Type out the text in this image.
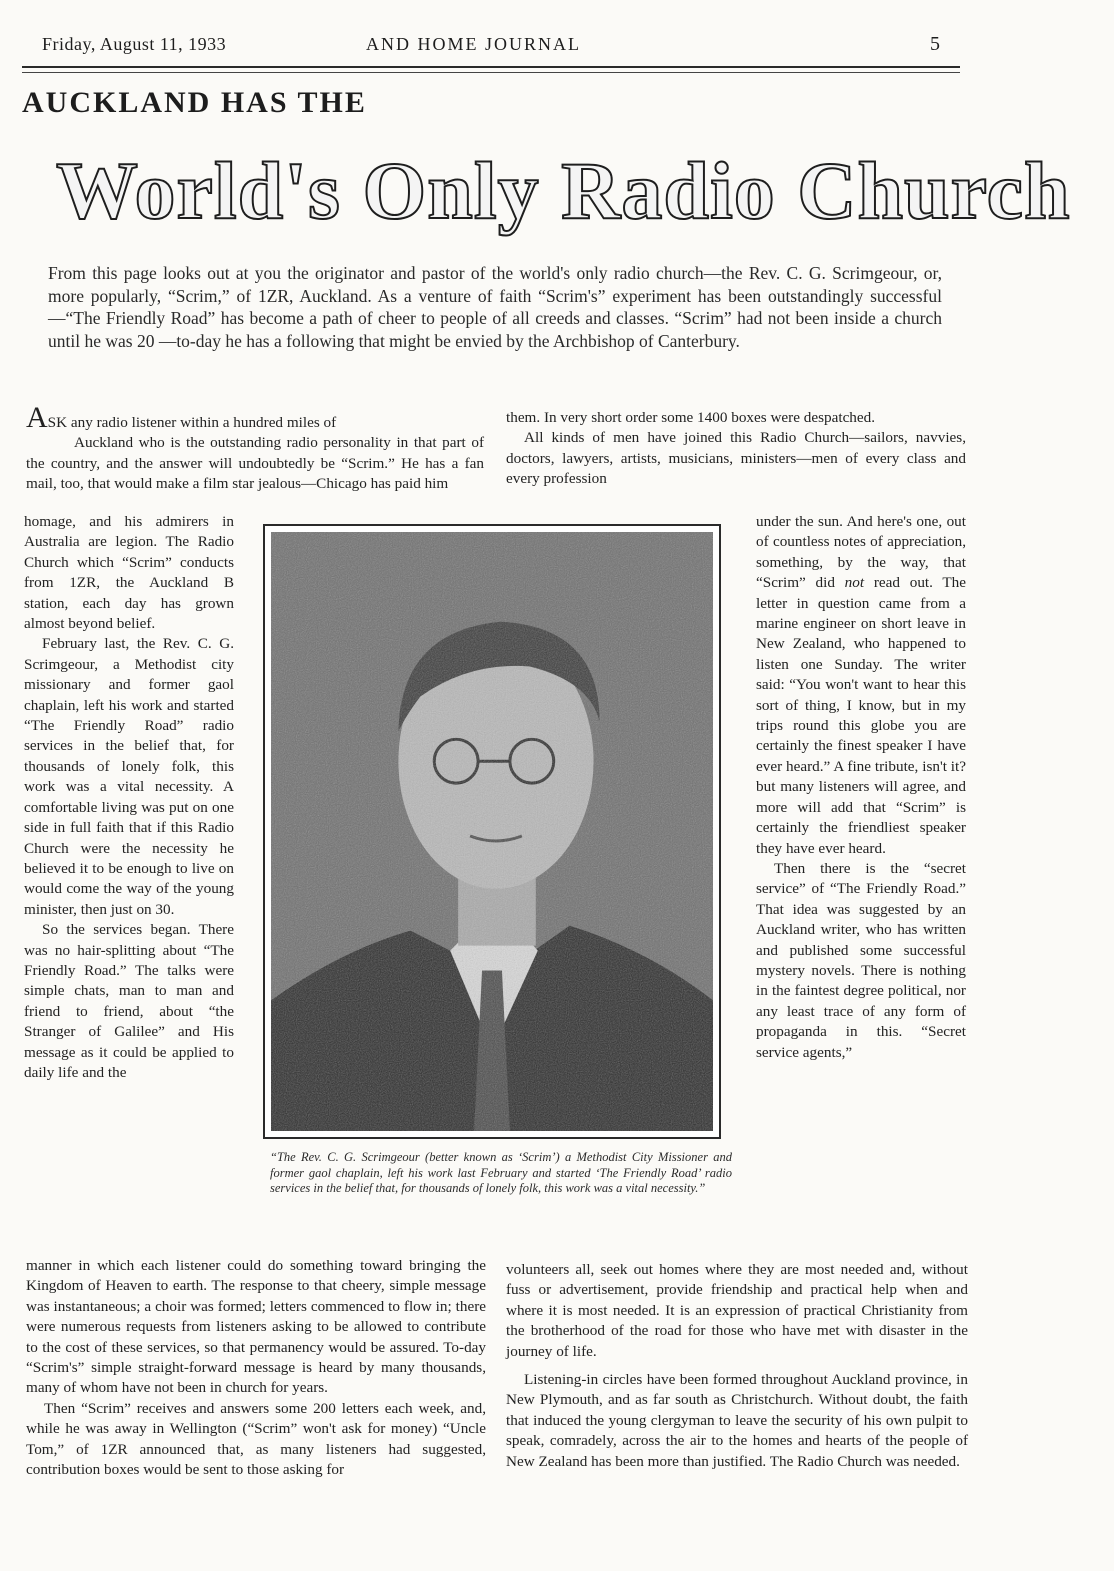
Friday, August 11, 1933	AND HOME JOURNAL	5
AUCKLAND HAS THE
World's Only Radio Church
From this page looks out at you the originator and pastor of the world's only radio church—the Rev. C. G. Scrimgeour, or, more popularly, “Scrim,” of 1ZR, Auckland. As a venture of faith “Scrim's” experiment has been outstandingly successful—“The Friendly Road” has become a path of cheer to people of all creeds and classes. “Scrim” had not been inside a church until he was 20 —to-day he has a following that might be envied by the Archbishop of Canterbury.

ASK any radio listener within a hundred miles of

Auckland who is the outstanding radio personality in that part of the country, and the answer will undoubtedly be “Scrim.” He has a fan mail, too, that would make a film star jealous—Chicago has paid him

homage, and his admirers in Australia are legion. The Radio Church which “Scrim” conducts from 1ZR, the Auckland B station, each day has grown almost beyond belief.

February last, the Rev. C. G. Scrimgeour, a Methodist city missionary and former gaol chaplain, left his work and started “The Friendly Road” radio services in the belief that, for thousands of lonely folk, this work was a vital necessity. A comfortable living was put on one side in full faith that if this Radio Church were the necessity he believed it to be enough to live on would come the way of the young minister, then just on 30.

So the services began. There was no hair-splitting about “The Friendly Road.” The talks were simple chats, man to man and friend to friend, about “the Stranger of Galilee” and His message as it could be applied to daily life and the

manner in which each listener could do something toward bringing the Kingdom of Heaven to earth. The response to that cheery, simple message was instantaneous; a choir was formed; letters commenced to flow in; there were numerous requests from listeners asking to be allowed to contribute to the cost of these services, so that permanency would be assured. To-day “Scrim's” simple straight-forward message is heard by many thousands, many of whom have not been in church for years.

Then “Scrim” receives and answers some 200 letters each week, and, while he was away in Wellington (“Scrim” won't ask for money) “Uncle Tom,” of 1ZR announced that, as many listeners had suggested, contribution boxes would be sent to those asking for

them. In very short order some 1400 boxes were despatched.

All kinds of men have joined this Radio Church—sailors, navvies, doctors, lawyers, artists, musicians, ministers—men of every class and every profession

under the sun. And here's one, out of countless notes of appreciation, something, by the way, that “Scrim” did not read out. The letter in question came from a marine engineer on short leave in New Zealand, who happened to listen one Sunday. The writer said: “You won't want to hear this sort of thing, I know, but in my trips round this globe you are certainly the finest speaker I have ever heard.” A fine tribute, isn't it? but many listeners will agree, and more will add that “Scrim” is certainly the friendliest speaker they have ever heard.

Then there is the “secret service” of “The Friendly Road.” That idea was suggested by an Auckland writer, who has written and published some successful mystery novels. There is nothing in the faintest degree political, nor any least trace of any form of propaganda in this. “Secret service agents,”

volunteers all, seek out homes where they are most needed and, without fuss or advertisement, provide friendship and practical help when and where it is most needed. It is an expression of practical Christianity from the brotherhood of the road for those who have met with disaster in the journey of life.

Listening-in circles have been formed throughout Auckland province, in New Plymouth, and as far south as Christchurch. Without doubt, the faith that induced the young clergyman to leave the security of his own pulpit to speak, comradely, across the air to the homes and hearts of the people of New Zealand has been more than justified. The Radio Church was needed.

“The Rev. C. G. Scrimgeour (better known as ‘Scrim’) a Methodist City Missioner and former gaol chaplain, left his work last February and started ‘The Friendly Road’ radio services in the belief that, for thousands of lonely folk, this work was a vital necessity.”
